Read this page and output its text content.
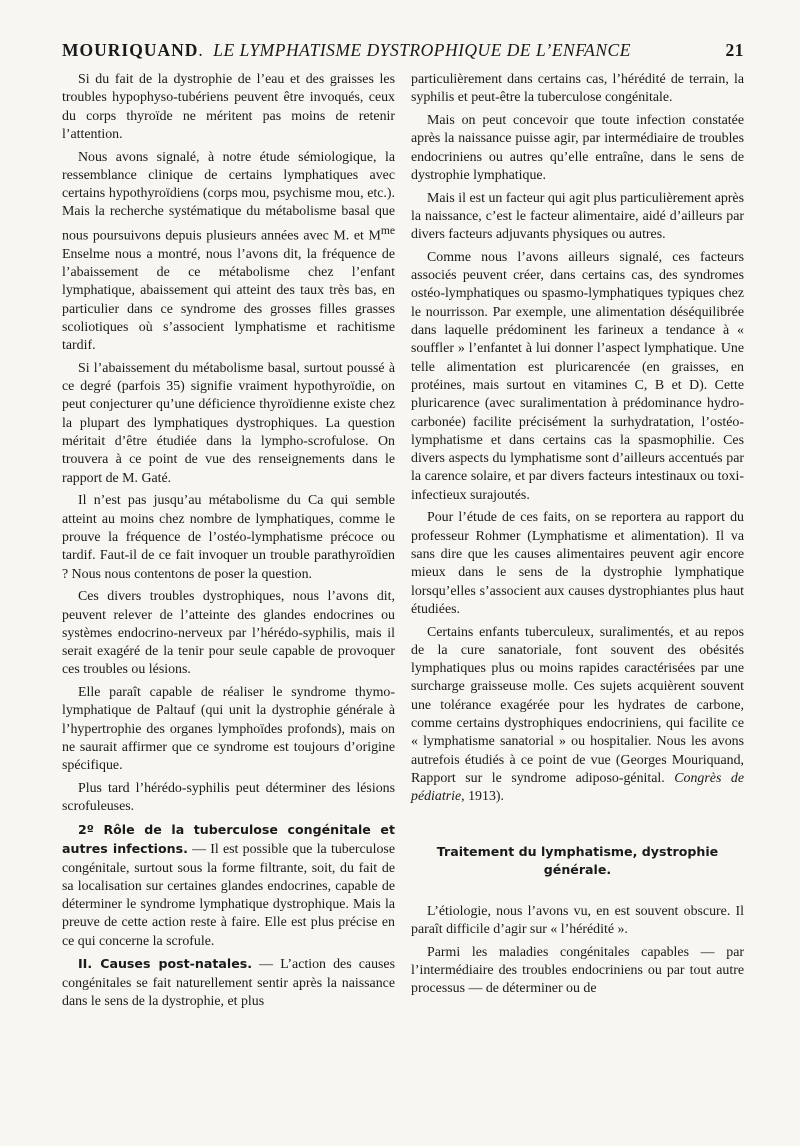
MOURIQUAND . LE LYMPHATISME DYSTROPHIQUE DE L’ENFANCE	21

Si du fait de la dystrophie de l’eau et des graisses les troubles hypophyso-tubériens peuvent être invoqués, ceux du corps thyroïde ne méritent pas moins de retenir l’attention.

Nous avons signalé, à notre étude sémiologique, la ressemblance clinique de certains lymphatiques avec certains hypothyroïdiens (corps mou, psychisme mou, etc.). Mais la recherche systématique du métabolisme basal que nous poursuivons depuis plusieurs années avec M. et $M^{me}$ Enselme nous a montré, nous l’avons dit, la fréquence de l’abaissement de ce métabolisme chez l’enfant lymphatique, abaissement qui atteint des taux très bas, en particulier dans ce syndrome des grosses filles grasses scoliotiques où s’associent lymphatisme et rachitisme tardif.

Si l’abaissement du métabolisme basal, surtout poussé à ce degré (parfois 35) signifie vraiment hypothyroïdie, on peut conjecturer qu’une déficience thyroïdienne existe chez la plupart des lymphatiques dystrophiques. La question méritait d’être étudiée dans la lympho-scrofulose. On trouvera à ce point de vue des renseignements dans le rapport de M. Gaté.

Il n’est pas jusqu’au métabolisme du Ca qui semble atteint au moins chez nombre de lymphatiques, comme le prouve la fréquence de l’ostéo-lymphatisme précoce ou tardif. Faut-il de ce fait invoquer un trouble parathyroïdien ? Nous nous contentons de poser la question.

Ces divers troubles dystrophiques, nous l’avons dit, peuvent relever de l’atteinte des glandes endocrines ou systèmes endocrino-nerveux par l’hérédo-syphilis, mais il serait exagéré de la tenir pour seule capable de provoquer ces troubles ou lésions.

Elle paraît capable de réaliser le syndrome thymo-lymphatique de Paltauf (qui unit la dystrophie générale à l’hypertrophie des organes lymphoïdes profonds), mais on ne saurait affirmer que ce syndrome est toujours d’origine spécifique.

Plus tard l’hérédo-syphilis peut déterminer des lésions scrofuleuses.

2º Rôle de la tuberculose congénitale et autres infections. — Il est possible que la tuberculose congénitale, surtout sous la forme filtrante, soit, du fait de sa localisation sur certaines glandes endocrines, capable de déterminer le syndrome lymphatique dystrophique. Mais la preuve de cette action reste à faire. Elle est plus précise en ce qui concerne la scrofule.

II. Causes post-natales. — L’action des causes congénitales se fait naturellement sentir après la naissance dans le sens de la dystrophie, et plus

particulièrement dans certains cas, l’hérédité de terrain, la syphilis et peut-être la tuberculose congénitale.

Mais on peut concevoir que toute infection constatée après la naissance puisse agir, par intermédiaire de troubles endocriniens ou autres qu’elle entraîne, dans le sens de dystrophie lymphatique.

Mais il est un facteur qui agit plus particulièrement après la naissance, c’est le facteur alimentaire, aidé d’ailleurs par divers facteurs adjuvants physiques ou autres.

Comme nous l’avons ailleurs signalé, ces facteurs associés peuvent créer, dans certains cas, des syndromes ostéo-lymphatiques ou spasmo-lymphatiques typiques chez le nourrisson. Par exemple, une alimentation déséquilibrée dans laquelle prédominent les farineux a tendance à « souffler » l’enfantet à lui donner l’aspect lymphatique. Une telle alimentation est pluricarencée (en graisses, en protéines, mais surtout en vitamines C, B et D). Cette pluricarence (avec suralimentation à prédominance hydro-carbonée) facilite précisément la surhydratation, l’ostéo-lymphatisme et dans certains cas la spasmophilie. Ces divers aspects du lymphatisme sont d’ailleurs accentués par la carence solaire, et par divers facteurs intestinaux ou toxi-infectieux surajoutés.

Pour l’étude de ces faits, on se reportera au rapport du professeur Rohmer (Lymphatisme et alimentation). Il va sans dire que les causes alimentaires peuvent agir encore mieux dans le sens de la dystrophie lymphatique lorsqu’elles s’associent aux causes dystrophiantes plus haut étudiées.

Certains enfants tuberculeux, suralimentés, et au repos de la cure sanatoriale, font souvent des obésités lymphatiques plus ou moins rapides caractérisées par une surcharge graisseuse molle. Ces sujets acquièrent souvent une tolérance exagérée pour les hydrates de carbone, comme certains dystrophiques endocriniens, qui facilite ce « lymphatisme sanatorial » ou hospitalier. Nous les avons autrefois étudiés à ce point de vue (Georges Mouriquand, Rapport sur le syndrome adiposo-génital. Congrès de pédiatrie, 1913).

Traitement du lymphatisme, dystrophie générale.

L’étiologie, nous l’avons vu, en est souvent obscure. Il paraît difficile d’agir sur « l’hérédité ».

Parmi les maladies congénitales capables — par l’intermédiaire des troubles endocriniens ou par tout autre processus — de déterminer ou de
